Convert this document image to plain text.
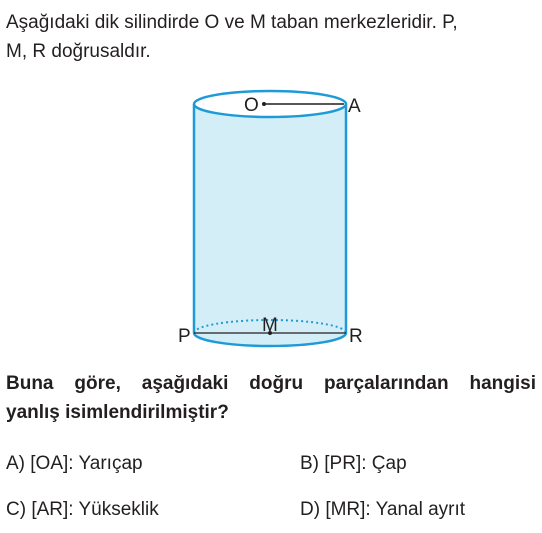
Aşağıdaki dik silindirde O ve M taban merkezleridir. P,
M, R doğrusaldır.
O	A
M
P	R
Buna göre, aşağıdaki doğru parçalarından hangisi
yanlış isimlendirilmiştir?
A) [OA]: Yarıçap	B) [PR]: Çap
C) [AR]: Yükseklik	D) [MR]: Yanal ayrıt
